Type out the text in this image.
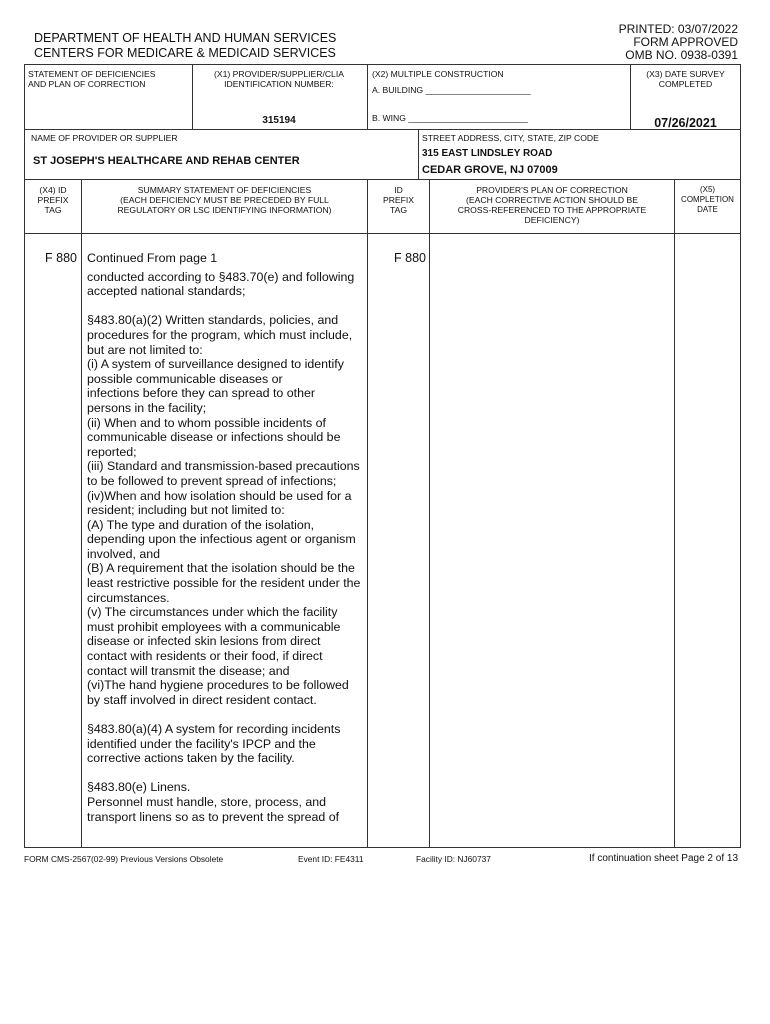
DEPARTMENT OF HEALTH AND HUMAN SERVICES
CENTERS FOR MEDICARE & MEDICAID SERVICES
PRINTED: 03/07/2022
FORM APPROVED
OMB NO. 0938-0391
STATEMENT OF DEFICIENCIES
AND PLAN OF CORRECTION
(X1) PROVIDER/SUPPLIER/CLIA
IDENTIFICATION NUMBER:
315194
(X2) MULTIPLE CONSTRUCTION
A. BUILDING ______________________
B. WING _________________________
(X3) DATE SURVEY
COMPLETED
07/26/2021
NAME OF PROVIDER OR SUPPLIER
ST JOSEPH'S HEALTHCARE AND REHAB CENTER
STREET ADDRESS, CITY, STATE, ZIP CODE
315 EAST LINDSLEY ROAD
CEDAR GROVE, NJ 07009
(X4) ID
PREFIX
TAG
SUMMARY STATEMENT OF DEFICIENCIES
(EACH DEFICIENCY MUST BE PRECEDED BY FULL
REGULATORY OR LSC IDENTIFYING INFORMATION)
ID
PREFIX
TAG
PROVIDER'S PLAN OF CORRECTION
(EACH CORRECTIVE ACTION SHOULD BE
CROSS-REFERENCED TO THE APPROPRIATE
DEFICIENCY)
(X5)
COMPLETION
DATE
F 880	F 880
Continued From page 1
conducted according to §483.70(e) and following
accepted national standards;
§483.80(a)(2) Written standards, policies, and
procedures for the program, which must include,
but are not limited to:
(i) A system of surveillance designed to identify
possible communicable diseases or
infections before they can spread to other
persons in the facility;
(ii) When and to whom possible incidents of
communicable disease or infections should be
reported;
(iii) Standard and transmission-based precautions
to be followed to prevent spread of infections;
(iv)When and how isolation should be used for a
resident; including but not limited to:
(A) The type and duration of the isolation,
depending upon the infectious agent or organism
involved, and
(B) A requirement that the isolation should be the
least restrictive possible for the resident under the
circumstances.
(v) The circumstances under which the facility
must prohibit employees with a communicable
disease or infected skin lesions from direct
contact with residents or their food, if direct
contact will transmit the disease; and
(vi)The hand hygiene procedures to be followed
by staff involved in direct resident contact.
§483.80(a)(4) A system for recording incidents
identified under the facility's IPCP and the
corrective actions taken by the facility.
§483.80(e) Linens.
Personnel must handle, store, process, and
transport linens so as to prevent the spread of
FORM CMS-2567(02-99) Previous Versions Obsolete	Event ID: FE4311	Facility ID: NJ60737	If continuation sheet Page 2 of 13
